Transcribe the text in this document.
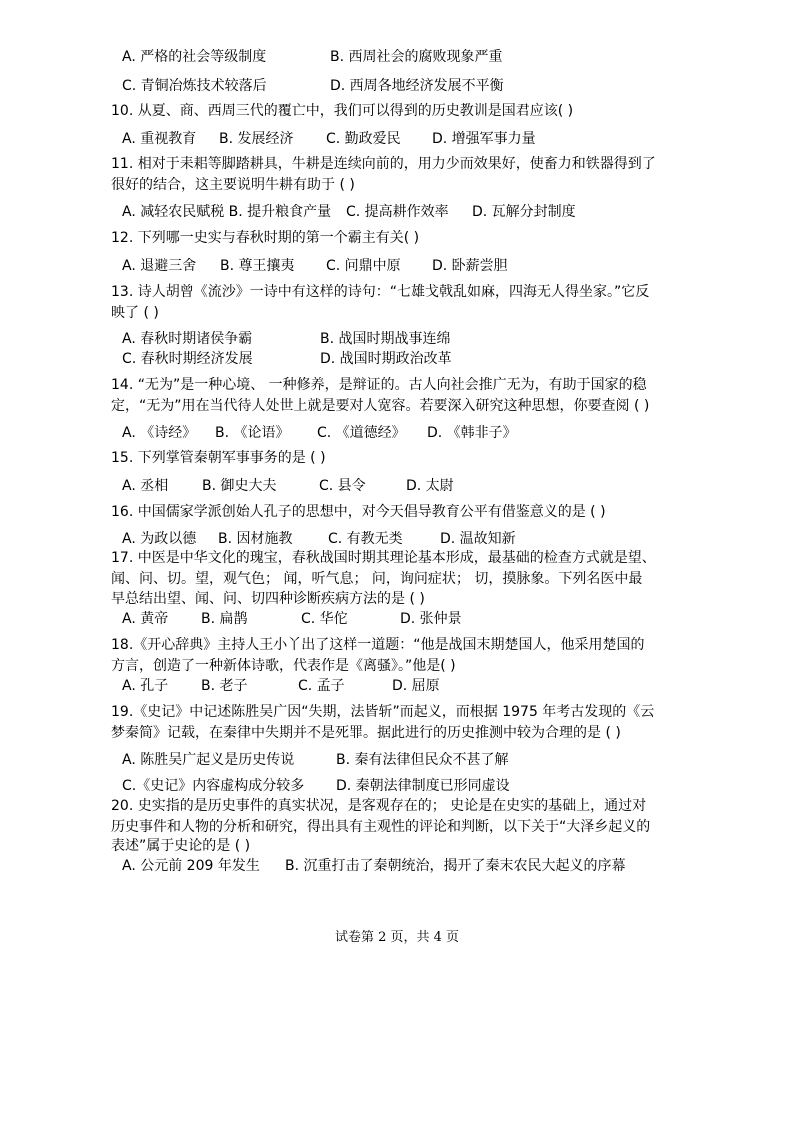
A. 严格的社会等级制度	B. 西周社会的腐败现象严重
C. 青铜冶炼技术较落后	D. 西周各地经济发展不平衡
10. 从夏、商、西周三代的覆亡中，我们可以得到的历史教训是国君应该( )
A. 重视教育 B. 发展经济 C. 勤政爱民 D. 增强军事力量
11. 相对于耒耜等脚踏耕具，牛耕是连续向前的，用力少而效果好，使畜力和铁器得到了
很好的结合，这主要说明牛耕有助于 ( )
A. 减轻农民赋税 B. 提升粮食产量 C. 提高耕作效率 D. 瓦解分封制度
12. 下列哪一史实与春秋时期的第一个霸主有关( )
A. 退避三舍 B. 尊王攘夷 C. 问鼎中原 D. 卧薪尝胆
13. 诗人胡曾《流沙》一诗中有这样的诗句：“七雄戈戟乱如麻，四海无人得坐家。”它反
映了 ( )
A. 春秋时期诸侯争霸	B. 战国时期战事连绵
C. 春秋时期经济发展	D. 战国时期政治改革
14. “无为”是一种心境、 一种修养，是辩证的。古人向社会推广无为，有助于国家的稳
定，“无为”用在当代待人处世上就是要对人宽容。若要深入研究这种思想，你要查阅 ( )
A. 《诗经》 B. 《论语》 C. 《道德经》 D. 《韩非子》
15. 下列掌管秦朝军事事务的是 ( )
A. 丞相 B. 御史大夫	C. 县令	D. 太尉
16. 中国儒家学派创始人孔子的思想中，对今天倡导教育公平有借鉴意义的是 ( )
A. 为政以德 B. 因材施教	C. 有教无类	D. 温故知新
17. 中医是中华文化的瑰宝，春秋战国时期其理论基本形成，最基础的检查方式就是望、
闻、问、切。望，观气色； 闻，听气息； 问，询问症状； 切，摸脉象。下列名医中最
早总结出望、闻、问、切四种诊断疾病方法的是 ( )
A. 黄帝 B. 扁鹊	C. 华佗	D. 张仲景
18.《开心辞典》主持人王小丫出了这样一道题：“他是战国末期楚国人，他采用楚国的
方言，创造了一种新体诗歌，代表作是《离骚》。”他是( )
A. 孔子 B. 老子	C. 孟子	D. 屈原
19.《史记》中记述陈胜吴广因“失期，法皆斩”而起义，而根据 1975 年考古发现的《云
梦秦简》记载，在秦律中失期并不是死罪。据此进行的历史推测中较为合理的是 ( )
A. 陈胜吴广起义是历史传说	B. 秦有法律但民众不甚了解
C.《史记》内容虚构成分较多 D. 秦朝法律制度已形同虚设
20. 史实指的是历史事件的真实状况，是客观存在的； 史论是在史实的基础上，通过对
历史事件和人物的分析和研究，得出具有主观性的评论和判断，以下关于“大泽乡起义的
表述”属于史论的是 ( )
A. 公元前 209 年发生 B. 沉重打击了秦朝统治，揭开了秦末农民大起义的序幕
试卷第 2 页，共 4 页
